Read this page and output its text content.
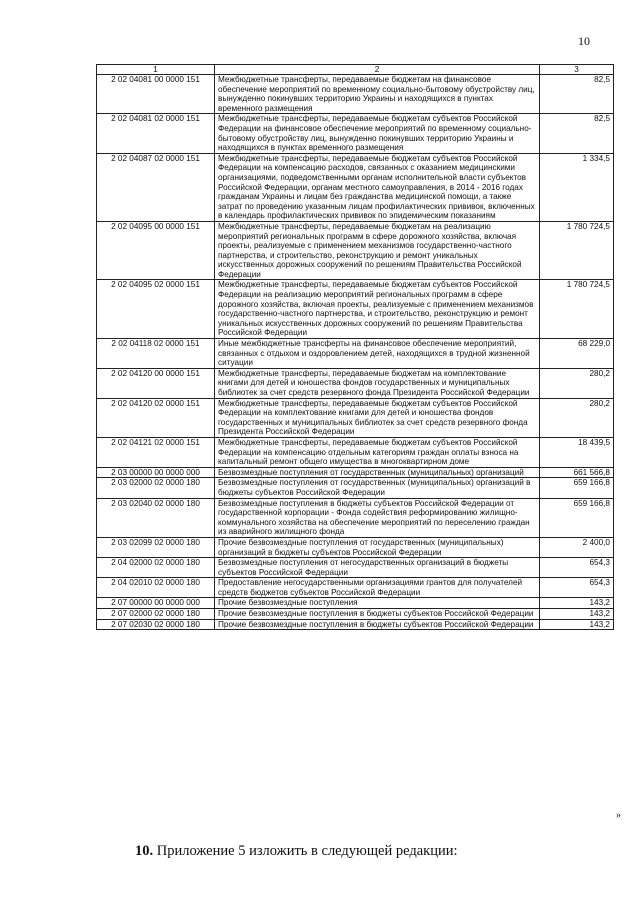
10
1	2	3
2 02 04081 00 0000 151	Межбюджетные трансферты, передаваемые бюджетам на финансовое обеспечение мероприятий по временному социально-бытовому обустройству лиц, вынужденно покинувших территорию Украины и находящихся в пунктах временного размещения	82,5
2 02 04081 02 0000 151	Межбюджетные трансферты, передаваемые бюджетам субъектов Российской Федерации на финансовое обеспечение мероприятий по временному социально-бытовому обустройству лиц, вынужденно покинувших территорию Украины и находящихся в пунктах временного размещения	82,5
2 02 04087 02 0000 151	Межбюджетные трансферты, передаваемые бюджетам субъектов Российской Федерации на компенсацию расходов, связанных с оказанием медицинскими организациями, подведомственными органам исполнительной власти субъектов Российской Федерации, органам местного самоуправления, в 2014 - 2016 годах гражданам Украины и лицам без гражданства медицинской помощи, а также затрат по проведению указанным лицам профилактических прививок, включенных в календарь профилактических прививок по эпидемическим показаниям	1 334,5
2 02 04095 00 0000 151	Межбюджетные трансферты, передаваемые бюджетам на реализацию мероприятий региональных программ в сфере дорожного хозяйства, включая проекты, реализуемые с применением механизмов государственно-частного партнерства, и строительство, реконструкцию и ремонт уникальных искусственных дорожных сооружений по решениям Правительства Российской Федерации	1 780 724,5
2 02 04095 02 0000 151	Межбюджетные трансферты, передаваемые бюджетам субъектов Российской Федерации на реализацию мероприятий региональных программ в сфере дорожного хозяйства, включая проекты, реализуемые с применением механизмов государственно-частного партнерства, и строительство, реконструкцию и ремонт уникальных искусственных дорожных сооружений по решениям Правительства Российской Федерации	1 780 724,5
2 02 04118 02 0000 151	Иные межбюджетные трансферты на финансовое обеспечение мероприятий, связанных с отдыхом и оздоровлением детей, находящихся в трудной жизненной ситуации	68 229,0
2 02 04120 00 0000 151	Межбюджетные трансферты, передаваемые бюджетам на комплектование книгами для детей и юношества фондов государственных и муниципальных библиотек за счет средств резервного фонда Президента Российской Федерации	280,2
2 02 04120 02 0000 151	Межбюджетные трансферты, передаваемые бюджетам субъектов Российской Федерации на комплектование книгами для детей и юношества фондов государственных и муниципальных библиотек за счет средств резервного фонда Президента Российской Федерации	280,2
2 02 04121 02 0000 151	Межбюджетные трансферты, передаваемые бюджетам субъектов Российской Федерации на компенсацию отдельным категориям граждан оплаты взноса на капитальный ремонт общего имущества в многоквартирном доме	18 439,5
2 03 00000 00 0000 000	Безвозмездные поступления от государственных (муниципальных) организаций	661 566,8
2 03 02000 02 0000 180	Безвозмездные поступления от государственных (муниципальных) организаций в бюджеты субъектов Российской Федерации	659 166,8
2 03 02040 02 0000 180	Безвозмездные поступления в бюджеты субъектов Российской Федерации от государственной корпорации - Фонда содействия реформированию жилищно-коммунального хозяйства на обеспечение мероприятий по переселению граждан из аварийного жилищного фонда	659 166,8
2 03 02099 02 0000 180	Прочие безвозмездные поступления от государственных (муниципальных) организаций в бюджеты субъектов Российской Федерации	2 400,0
2 04 02000 02 0000 180	Безвозмездные поступления от негосударственных организаций в бюджеты субъектов Российской Федерации	654,3
2 04 02010 02 0000 180	Предоставление негосударственными организациями грантов для получателей средств бюджетов субъектов Российской Федерации	654,3
2 07 00000 00 0000 000	Прочие безвозмездные поступления	143,2
2 07 02000 02 0000 180	Прочие безвозмездные поступления в бюджеты субъектов Российской Федерации	143,2
2 07 02030 02 0000 180	Прочие безвозмездные поступления в бюджеты субъектов Российской Федерации	143,2
»
10. Приложение 5 изложить в следующей редакции:
